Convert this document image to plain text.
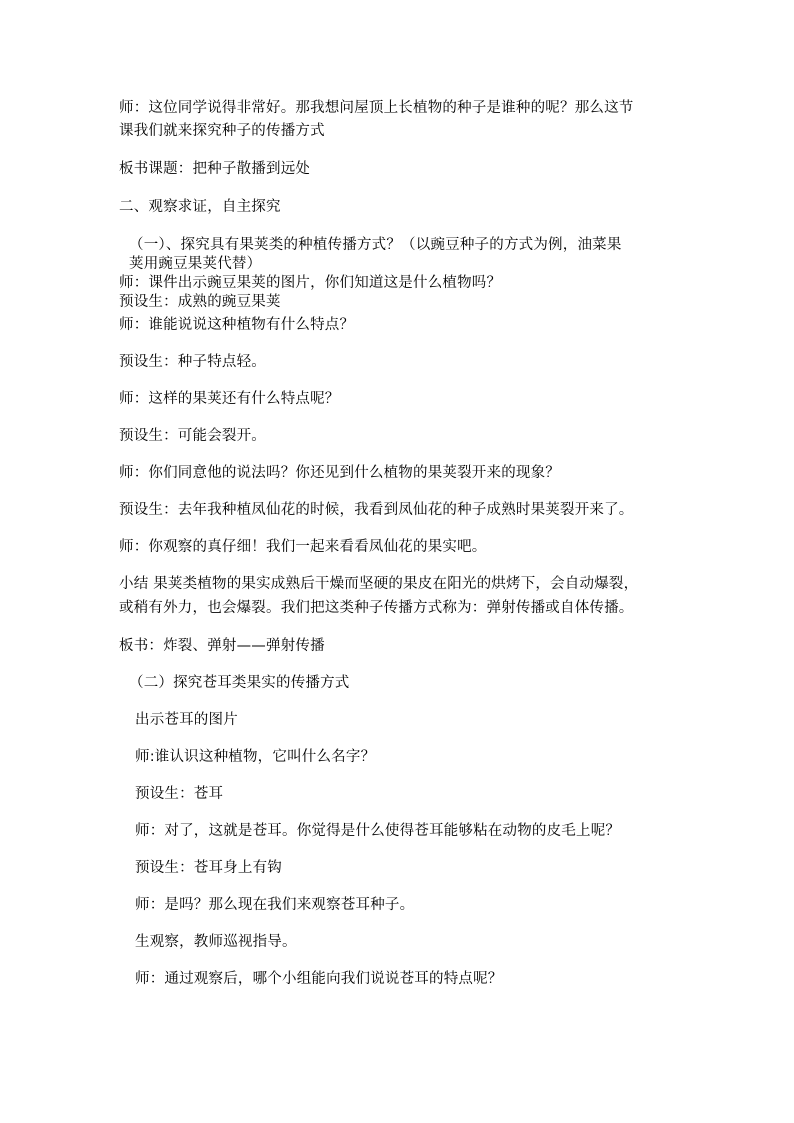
师：这位同学说得非常好。那我想问屋顶上长植物的种子是谁种的呢？那么这节
课我们就来探究种子的传播方式
板书课题：把种子散播到远处
二、观察求证，自主探究
（一）、探究具有果荚类的种植传播方式？（以豌豆种子的方式为例，油菜果
荚用豌豆果荚代替）
师：课件出示豌豆果荚的图片，你们知道这是什么植物吗？
预设生：成熟的豌豆果荚
师：谁能说说这种植物有什么特点？
预设生：种子特点轻。
师：这样的果荚还有什么特点呢？
预设生：可能会裂开。
师：你们同意他的说法吗？你还见到什么植物的果荚裂开来的现象？
预设生：去年我种植凤仙花的时候，我看到凤仙花的种子成熟时果荚裂开来了。
师：你观察的真仔细！我们一起来看看凤仙花的果实吧。
小结 果荚类植物的果实成熟后干燥而坚硬的果皮在阳光的烘烤下，会自动爆裂，
或稍有外力，也会爆裂。我们把这类种子传播方式称为：弹射传播或自体传播。
板书：炸裂、弹射——弹射传播
（二）探究苍耳类果实的传播方式
出示苍耳的图片
师:谁认识这种植物，它叫什么名字？
预设生：苍耳
师：对了，这就是苍耳。你觉得是什么使得苍耳能够粘在动物的皮毛上呢？
预设生：苍耳身上有钩
师：是吗？那么现在我们来观察苍耳种子。
生观察，教师巡视指导。
师：通过观察后，哪个小组能向我们说说苍耳的特点呢？
